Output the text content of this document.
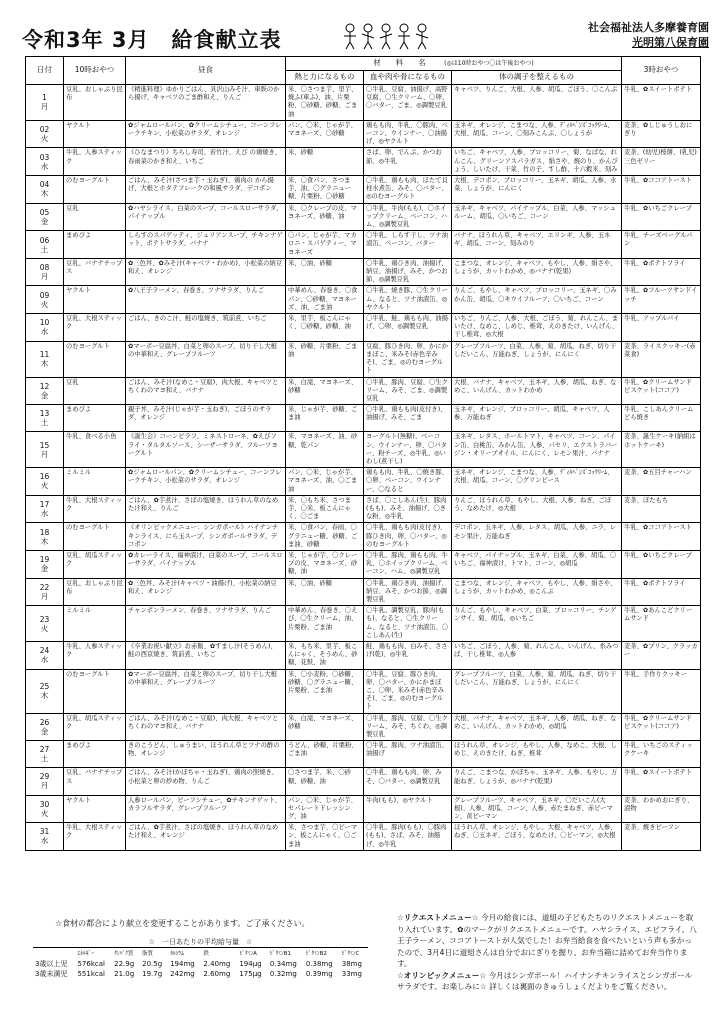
令和3年 3月　給食献立表
社会福祉法人多摩養育園
光明第八保育園
日付	10時おやつ	昼食	材　　料　　名 (◎は10時おやつ〇は午後おやつ)			3時おやつ
			熱と力になるもの	血や肉や骨になるもの	体の調子を整えるもの	

1
月	豆乳、おしゃぶり昆布	《精進料理》ゆかりごはん、具沢山みそ汁、車麩のから揚げ、キャベツのごま酢和え、りんご	米、〇さつま芋、里芋、焼ふ(車ふ)、油、片栗粉、〇砂糖、砂糖、ごま油	〇牛乳、豆腐、油揚げ、高野豆腐、〇生クリーム、〇卵、〇バター、ごま、◎調製豆乳	キャベツ、りんご、大根、人参、胡瓜、ごぼう、〇こんぶ	牛乳、✿スイートポテト

02
火	ヤクルト	✿ジャムロールパン、✿クリームシチュー、コーンフレークチキン、小松菜のサラダ、オレンジ	パン、〇米、じゃが芋、マヨネーズ、〇砂糖	鶏もも肉、牛乳、〇豚肉、ベーコン、ウインナー、〇油揚げ、◎ヤクルト	玉ネギ、オレンジ、こまつな、人参、ﾃﾞｨﾙﾍﾟﾝｽﾞｺｯｸﾘｰﾑ、大根、胡瓜、コーン、〇刻みこんぶ、〇しょうが	麦茶、✿しじゅうしおにぎり

03
水	牛乳、人参スティック	《ひなまつり》ちらし寿司、若竹汁、えび の鶏焼き、春雨菜のかき和え、いちご	米、砂糖	さば、卵、でんぷ、かつお節、◎牛乳	いちご、キャベツ、人参、ブロッコリー、菊、なばな、れんこん、グリーンアスパラガス、絹さや、焼のり、かんぴょう、しいたけ、干菜、竹の子、すし酢、十六穀米、刻み	麦茶、(幼児)桜餅、(乳児)三色ゼリー

04
木	のむヨーグルト	ごはん、みそ汁(さつま芋・玉ねぎ)、鶏肉の から揚げ、大根とホタテフレークの和風サラダ、デコポン	米、〇食パン、さつま芋、油、〇グラニュー糖、片栗粉、〇砂糖	〇牛乳、鶏もも肉、ほたて貝柱水煮缶、みそ、〇バター、◎のむヨーグルト	大根、デコポン、ブロッコリー、玉ネギ、胡瓜、人参、水菜、しょうが、にんにく	牛乳、✿ココアトースト

05
金	豆乳	✿ハヤシライス、白菜のスープ、コールスローサラダ、パイナップル	米、〇クレープの皮、マヨネーズ、砂糖、油	〇牛乳、牛肉(もも)、〇ホイップクリーム、ベーコン、ハム、◎調製豆乳	玉ネギ、キャベツ、パイナップル、白菜、人参、マッシュルーム、胡瓜、〇いちご、コーン	牛乳、✿いちごクレープ

06
土	まめぴよ	しらすのスパゲッティ、ジュリアンスープ、チキンナゲット、ポテトサラダ、バナナ	〇パン、じゃが芋、マカロニ・スパゲティー、マヨネーズ	〇牛乳、しらす干し、ツナ油漬缶、ベーコン、バター	バナナ、ほうれん草、キャベツ、エリンギ、人参、玉ネギ、胡瓜、コーン、刻みのり	牛乳、チーズベーグルパン

08
月	豆乳、バナナチップス	✿三色丼、✿みそ汁(キャベツ・わかめ)、小松菜の納豆和え、オレンジ	米、〇油、砂糖	〇牛乳、鶏ひき肉、油揚げ、納豆、油揚げ、みそ、かつお節、◎調製豆乳	こまつな、オレンジ、キャベツ、もやし、人参、絹さや、しょうが、カットわかめ、◎バナナ(乾果)	牛乳、✿ポテトフライ

09
火	ヤクルト	✿八王子ラーメン、春巻き、ツナサラダ、りんご	中華めん、春巻き、〇食パン、〇砂糖、マヨネーズ、油、ごま油	〇牛乳、焼き豚、〇生クリーム、なると、ツナ油漬缶、◎ヤクルト	りんご、もやし、キャベツ、ブロッコリー、玉ネギ、〇みかん缶、胡瓜、〇キウイフルーツ、〇いちご、コーン	牛乳、✿フルーツサンドイッチ

10
水	豆乳、大根スティック	ごはん、きのこ汁、鮭の塩焼き、筑前煮、いちご	米、里芋、板こんにゃく、〇砂糖、砂糖、油	〇牛乳、鮭、鶏もも肉、油揚げ、〇卵、◎調製豆乳	いちご、りんご、人参、大根、ごぼう、菊、れんこん、まいたけ、なめこ、しめじ、椎茸、えのきたけ、いんげん、干し椎茸、◎大根	牛乳、アップルパイ

11
木	のむヨーグルト	✿マーボー豆腐丼、白菜と卵のスープ、切り干し大根の中華和え、グレープフルーツ	米、砂糖、片栗粉、ごま油	豆腐、豚ひき肉、卵、かにかまぼこ、米みそ(赤色辛みそ)、ごま、◎のむヨーグルト	グレープフルーツ、白菜、人参、菊、胡瓜、ねぎ、切り干しだいこん、万能ねぎ、しょうが、にんにく	麦茶、ライスクッキー(赤菜食)

12
金	豆乳	ごはん、みそ汁(なめこ・豆腐)、肉大根、キャベツとちくわのマヨ和え、バナナ	米、白滝、マヨネーズ、砂糖	〇牛乳、豚肉、豆腐、〇生クリーム、みそ、ごま、◎調製豆乳	大根、バナナ、キャベツ、玉ネギ、人参、胡瓜、ねぎ、なめこ、いんげん、カットわかめ	牛乳、✿クリームサンドビスケット(ココア)

13
土	まめぴよ	親子丼、みそ汁(じゃが芋・玉ねぎ)、ごぼうのサラダ、オレンジ	米、じゃが芋、砂糖、ごま油	〇牛乳、鶏もも肉(皮付き)、油揚げ、みそ、ごま	玉ネギ、オレンジ、ブロッコリー、胡瓜、キャベツ、人参、万能ねぎ	牛乳、こしあんクリームどら焼き

15
月	牛乳、食べる小魚	《誕生会》コーンピラフ、ミネストローネ、✿えびフライ・タルタルソース、シーザーサラダ、フルーツヨーグルト	米、マヨネーズ、油、砂糖、乾パン	ヨーグルト(無糖)、ベーコン、ウインナー、卵、〇バター、粉チーズ、◎牛乳、◎いわし(煮干し)	玉ネギ、レタス、ホールトマト、キャベツ、コーン、パイン缶、白桃缶、みかん缶、人参、パセリ、エクストラバージン・オリーブオイル、にんにく、レモン果汁、バナナ	麦茶、誕生ケーキ(納組はホットケーキ)

16
火	ミルミル	✿ジャムロールパン、✿クリームシチュー、コーンフレークチキン、小松菜のサラダ、オレンジ	パン、〇米、じゃが芋、マヨネーズ、油、〇ごま油	鶏もも肉、牛乳、〇焼き豚、〇卵、ベーコン、ウインナー、〇なると	玉ネギ、オレンジ、こまつな、人参、ﾃﾞｨﾙﾍﾟﾝｽﾞｺｯｸﾘｰﾑ、大根、胡瓜、コーン、〇グリンピース	麦茶、✿五目チャーハン

17
水	牛乳、大根スティック	ごはん、✿芋煮汁、さばの塩焼き、ほうれん草のなめたけ和え、りんご	米、〇もち米、さつま芋、〇米、板こんにゃく、〇ごま	さば、〇こしあん(生)、豚肉(もも)、みそ、油揚げ、〇きな粉、◎牛乳	りんご、ほうれん草、もやし、大根、人参、ねぎ、ごぼう、なめたけ、◎大根	麦茶、ぼたもち

18
木	のむヨーグルト	《オリンピックメニュー：シンガポール》ハイナンチキンライス、にら玉スープ、シンガポールサラダ、デコポン	米、〇食パン、春雨、〇グラニュー糖、砂糖、ごま油、砂糖	〇牛乳、鶏もも肉(皮付き)、豚ひき肉、卵、〇バター、◎のむヨーグルト	デコポン、玉ネギ、人参、レタス、胡瓜、人参、ニラ、レモン果汁、万能ねぎ	牛乳、✿ココアトースト

19
金	豆乳、胡瓜スティック	✿カレーライス、福神漬け、白菜のスープ、コールスローサラダ、パイナップル	米、じゃが芋、〇クレープの皮、マヨネーズ、砂糖、油	〇牛乳、豚肉、鶏もも肉、牛乳、〇ホイップクリーム、ベーコン、ハム、◎調製豆乳	キャベツ、パイナップル、玉ネギ、白菜、人参、胡瓜、〇いちご、福神漬け、トマト、コーン、◎胡瓜	牛乳、✿いちごクレープ

22
月	豆乳、おしゃぶり昆布	✿三色丼、みそ汁(キャベツ・油揚げ)、小松菜の納豆和え、オレンジ	米、〇油、砂糖	〇牛乳、鶏ひき肉、油揚げ、納豆、みそ、かつお節、◎調製豆乳	こまつな、オレンジ、キャベツ、もやし、人参、絹さや、しょうが、カットわかめ、◎こんぶ	牛乳、✿ポテトフライ

23
火	ミルミル	チャンポンラーメン、春巻き、ツナサラダ、りんご	中華めん、春巻き、〇えび、〇生クリーム、油、片栗粉、ごま油	〇牛乳、調製豆乳、豚肉(もも)、なると、〇生クリーム、なると、ツナ油漬缶、〇こしあん(生)	りんご、もやし、キャベツ、白菜、ブロッコリー、チンゲンサイ、菊、胡瓜、◎いちご	牛乳、✿あんこどクリームサンド

24
水	牛乳、人参スティック	《卒業お祝い献立》お赤飯、✿すまし汁(そうめん)、鮭の西京焼き、筑前煮、いちご	米、もち米、里芋、板こんにゃく、そうめん、砂糖、花麩、油	鮭、鶏もも肉、白みそ、ささげ(乾)、◎牛乳	いちご、ごぼう、人参、菊、れんこん、いんげん、糸みつば、干し椎茸、◎人参	麦茶、✿プリン、クラッカー

25
木	のむヨーグルト	✿マーボー豆腐丼、白菜と卵のスープ、切り干し大根の中華和え、グレープフルーツ	米、〇小麦粉、〇砂糖、砂糖、〇グラニュー糖、片栗粉、ごま油	〇牛乳、豆腐、豚ひき肉、卵、〇バター、かにかまぼこ、〇卵、米みそ(赤色辛みそ)、ごま、◎のむヨーグルト	グレープフルーツ、白菜、人参、菊、胡瓜、ねぎ、切り干しだいこん、万能ねぎ、しょうが、にんにく	牛乳、手作りクッキー

26
金	豆乳、胡瓜スティック	ごはん、みそ汁(なめこ・豆腐)、肉大根、キャベツとちくわのマヨ和え、バナナ	米、白滝、マヨネーズ、砂糖	〇牛乳、豚肉、豆腐、〇生クリーム、みそ、ちくわ、◎調製豆乳	大根、バナナ、キャベツ、玉ネギ、人参、胡瓜、ねぎ、なめこ、いんげん、カットわかめ、◎胡瓜	牛乳、✿クリームサンドビスケット(ココア)

27
土	まめぴよ	きのこうどん、しゅうまい、ほうれん草とツナの酢の物、オレンジ	うどん、砂糖、片栗粉、ごま油	〇牛乳、豚肉、ツナ油漬缶、油揚げ	ほうれん草、オレンジ、もやし、人参、なめこ、大根、しめじ、えのきたけ、ねぎ、椎茸	牛乳、いちごのスティックケーキ

29
月	豆乳、バナナチップス	ごはん、みそ汁(かぼちゃ・玉ねぎ)、鶏肉の照焼き、小松菜と卵の炒め物、りんご	〇さつま芋、米、〇砂糖、砂糖、油	〇牛乳、鶏もも肉、卵、みそ、〇バター、◎調製豆乳	りんご、こまつな、かぼちゃ、玉ネギ、人参、もやし、万能ねぎ、しょうが、◎バナナ(乾果)	牛乳、✿スイートポテト

30
火	ヤクルト	人参ロールパン、ビーフシチュー、✿チキンナゲット、カラフルサラダ、グレープフルーツ	パン、〇米、じゃが芋、セパレートドレッシング、油	牛肉(もも)、◎ヤクルト	グレープフルーツ、キャベツ、玉ネギ、〇だいこん(大根)、人参、胡瓜、コーン、人参、赤たまねぎ、赤ピーマン、黄ピーマン	麦茶、わかめおにぎり、漬物

31
水	牛乳、大根スティック	ごはん、✿芋煮汁、さばの塩焼き、ほうれん草のなめたけ和え、オレンジ	米、さつま芋、〇ピーマン、板こんにゃく、〇ごま油	〇牛乳、豚肉(もも)、〇豚肉(もも)、さば、みそ、油揚げ、◎牛乳	ほうれん草、オレンジ、もやし、大根、キャベツ、人参、ねぎ、〇玉ネギ、ごぼう、なめたけ、〇ピーマン、◎大根	麦茶、焼きビーフン
☆食材の都合により献立を変更することがあります。ご了承ください。
☆　一日あたりの平均給与量　☆
	ｴﾈﾙｷﾞｰ	ﾀﾝﾊﾟｸ質	脂質	ｶﾙｼｳﾑ	鉄	ﾋﾞﾀﾐﾝA	ﾋﾞﾀﾐﾝB1	ﾋﾞﾀﾐﾝB2	ﾋﾞﾀﾐﾝC
3歳以上児	576kcal	22.9g	20.5g	194mg	2.40mg	194μg	0.34mg	0.38mg	38mg
3歳未満児	551kcal	21.0g	19.7g	242mg	2.60mg	175μg	0.32mg	0.39mg	33mg
☆リクエストメニュー☆ 今月の給食には、道組の子どもたちのリクエストメニューを取り入れています。✿のマークがリクエストメニューです。ハヤシライス、エビフライ、八王子ラーメン、ココアトーストが人気でした！お弁当給食を食べたいという声も多かったので、3月4日に道組さんは自分でおにぎりを握り、お弁当箱に詰めてお弁当作ります。
☆オリンピックメニュー☆ 今月はシンガポール！ハイナンチキンライスとシンガポールサラダです。お楽しみに☆ 詳しくは裏面のきゅうしょくだよりをご覧ください。
